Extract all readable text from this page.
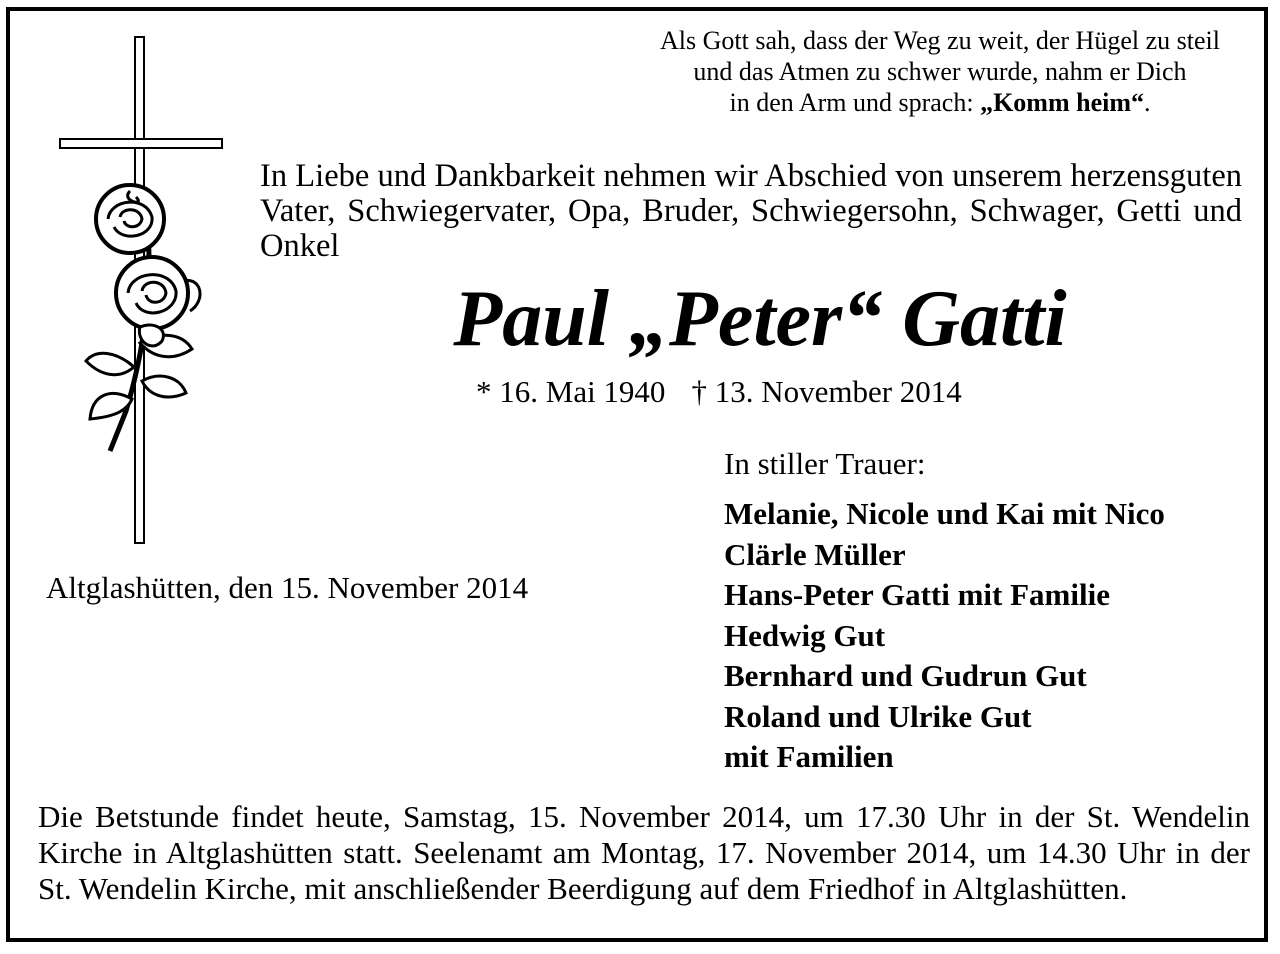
Als Gott sah, dass der Weg zu weit, der Hügel zu steil
und das Atmen zu schwer wurde, nahm er Dich
in den Arm und sprach: „Komm heim“.

In Liebe und Dankbarkeit nehmen wir Abschied von unserem herzensguten Vater, Schwiegervater, Opa, Bruder, Schwiegersohn, Schwager, Getti und Onkel

Paul „Peter“ Gatti

* 16. Mai 1940 † 13. November 2014

Altglashütten, den 15. November 2014

In stiller Trauer:

Melanie, Nicole und Kai mit Nico
Clärle Müller
Hans-Peter Gatti mit Familie
Hedwig Gut
Bernhard und Gudrun Gut
Roland und Ulrike Gut
mit Familien

Die Betstunde findet heute, Samstag, 15. November 2014, um 17.30 Uhr in der St. Wendelin Kirche in Altglashütten statt. Seelenamt am Montag, 17. November 2014, um 14.30 Uhr in der St. Wendelin Kirche, mit anschließender Beerdigung auf dem Friedhof in Altglashütten.
